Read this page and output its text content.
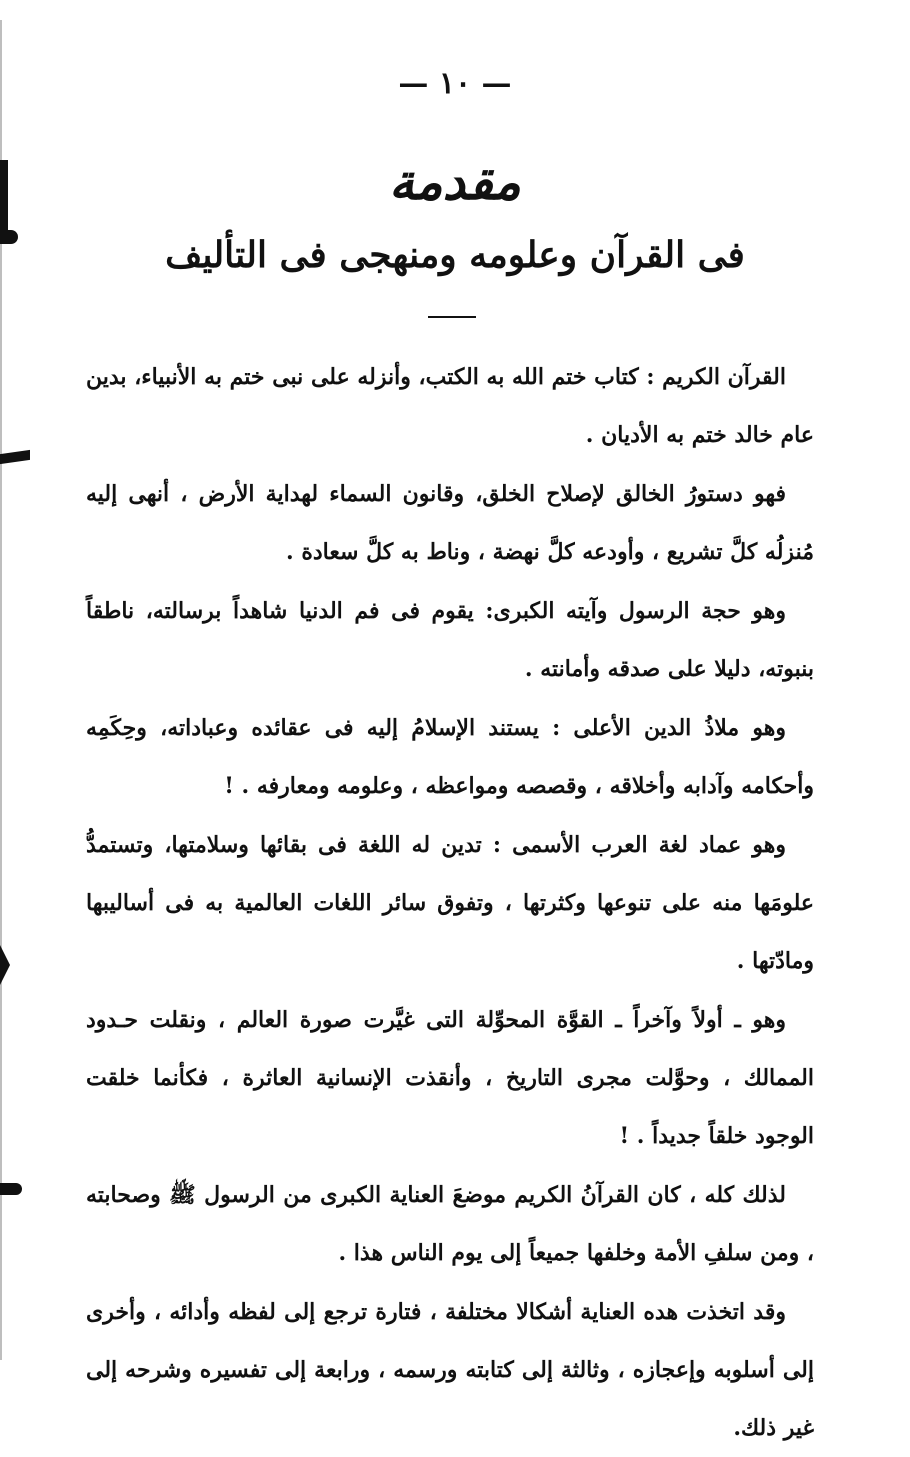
— ١٠ —
مقدمة
فى القرآن وعلومه ومنهجى فى التأليف

القرآن الكريم : كتاب ختم الله به الكتب، وأنزله على نبى ختم به الأنبياء، بدين عام خالد ختم به الأديان .

فهو دستورُ الخالق لإصلاح الخلق، وقانون السماء لهداية الأرض ، أنهى إليه مُنزلُه كلَّ تشريع ، وأودعه كلَّ نهضة ، وناط به كلَّ سعادة .

وهو حجة الرسول وآيته الكبرى: يقوم فى فم الدنيا شاهداً برسالته، ناطقاً بنبوته، دليلا على صدقه وأمانته .

وهو ملاذُ الدين الأعلى : يستند الإسلامُ إليه فى عقائده وعباداته، وحِكَمِه وأحكامه وآدابه وأخلاقه ، وقصصه ومواعظه ، وعلومه ومعارفه . !

وهو عماد لغة العرب الأسمى : تدين له اللغة فى بقائها وسلامتها، وتستمدُّ علومَها منه على تنوعها وكثرتها ، وتفوق سائر اللغات العالمية به فى أساليبها ومادّتها .

وهو ـ أولاً وآخراً ـ القوَّة المحوِّلة التى غيَّرت صورة العالم ، ونقلت حـدود الممالك ، وحوَّلت مجرى التاريخ ، وأنقذت الإنسانية العاثرة ، فكأنما خلقت الوجود خلقاً جديداً . !

لذلك كله ، كان القرآنُ الكريم موضعَ العناية الكبرى من الرسول ﷺ وصحابته ، ومن سلفِ الأمة وخلفها جميعاً إلى يوم الناس هذا .

وقد اتخذت هده العناية أشكالا مختلفة ، فتارة ترجع إلى لفظه وأدائه ، وأخرى إلى أسلوبه وإعجازه ، وثالثة إلى كتابته ورسمه ، ورابعة إلى تفسيره وشرحه إلى غير ذلك.
